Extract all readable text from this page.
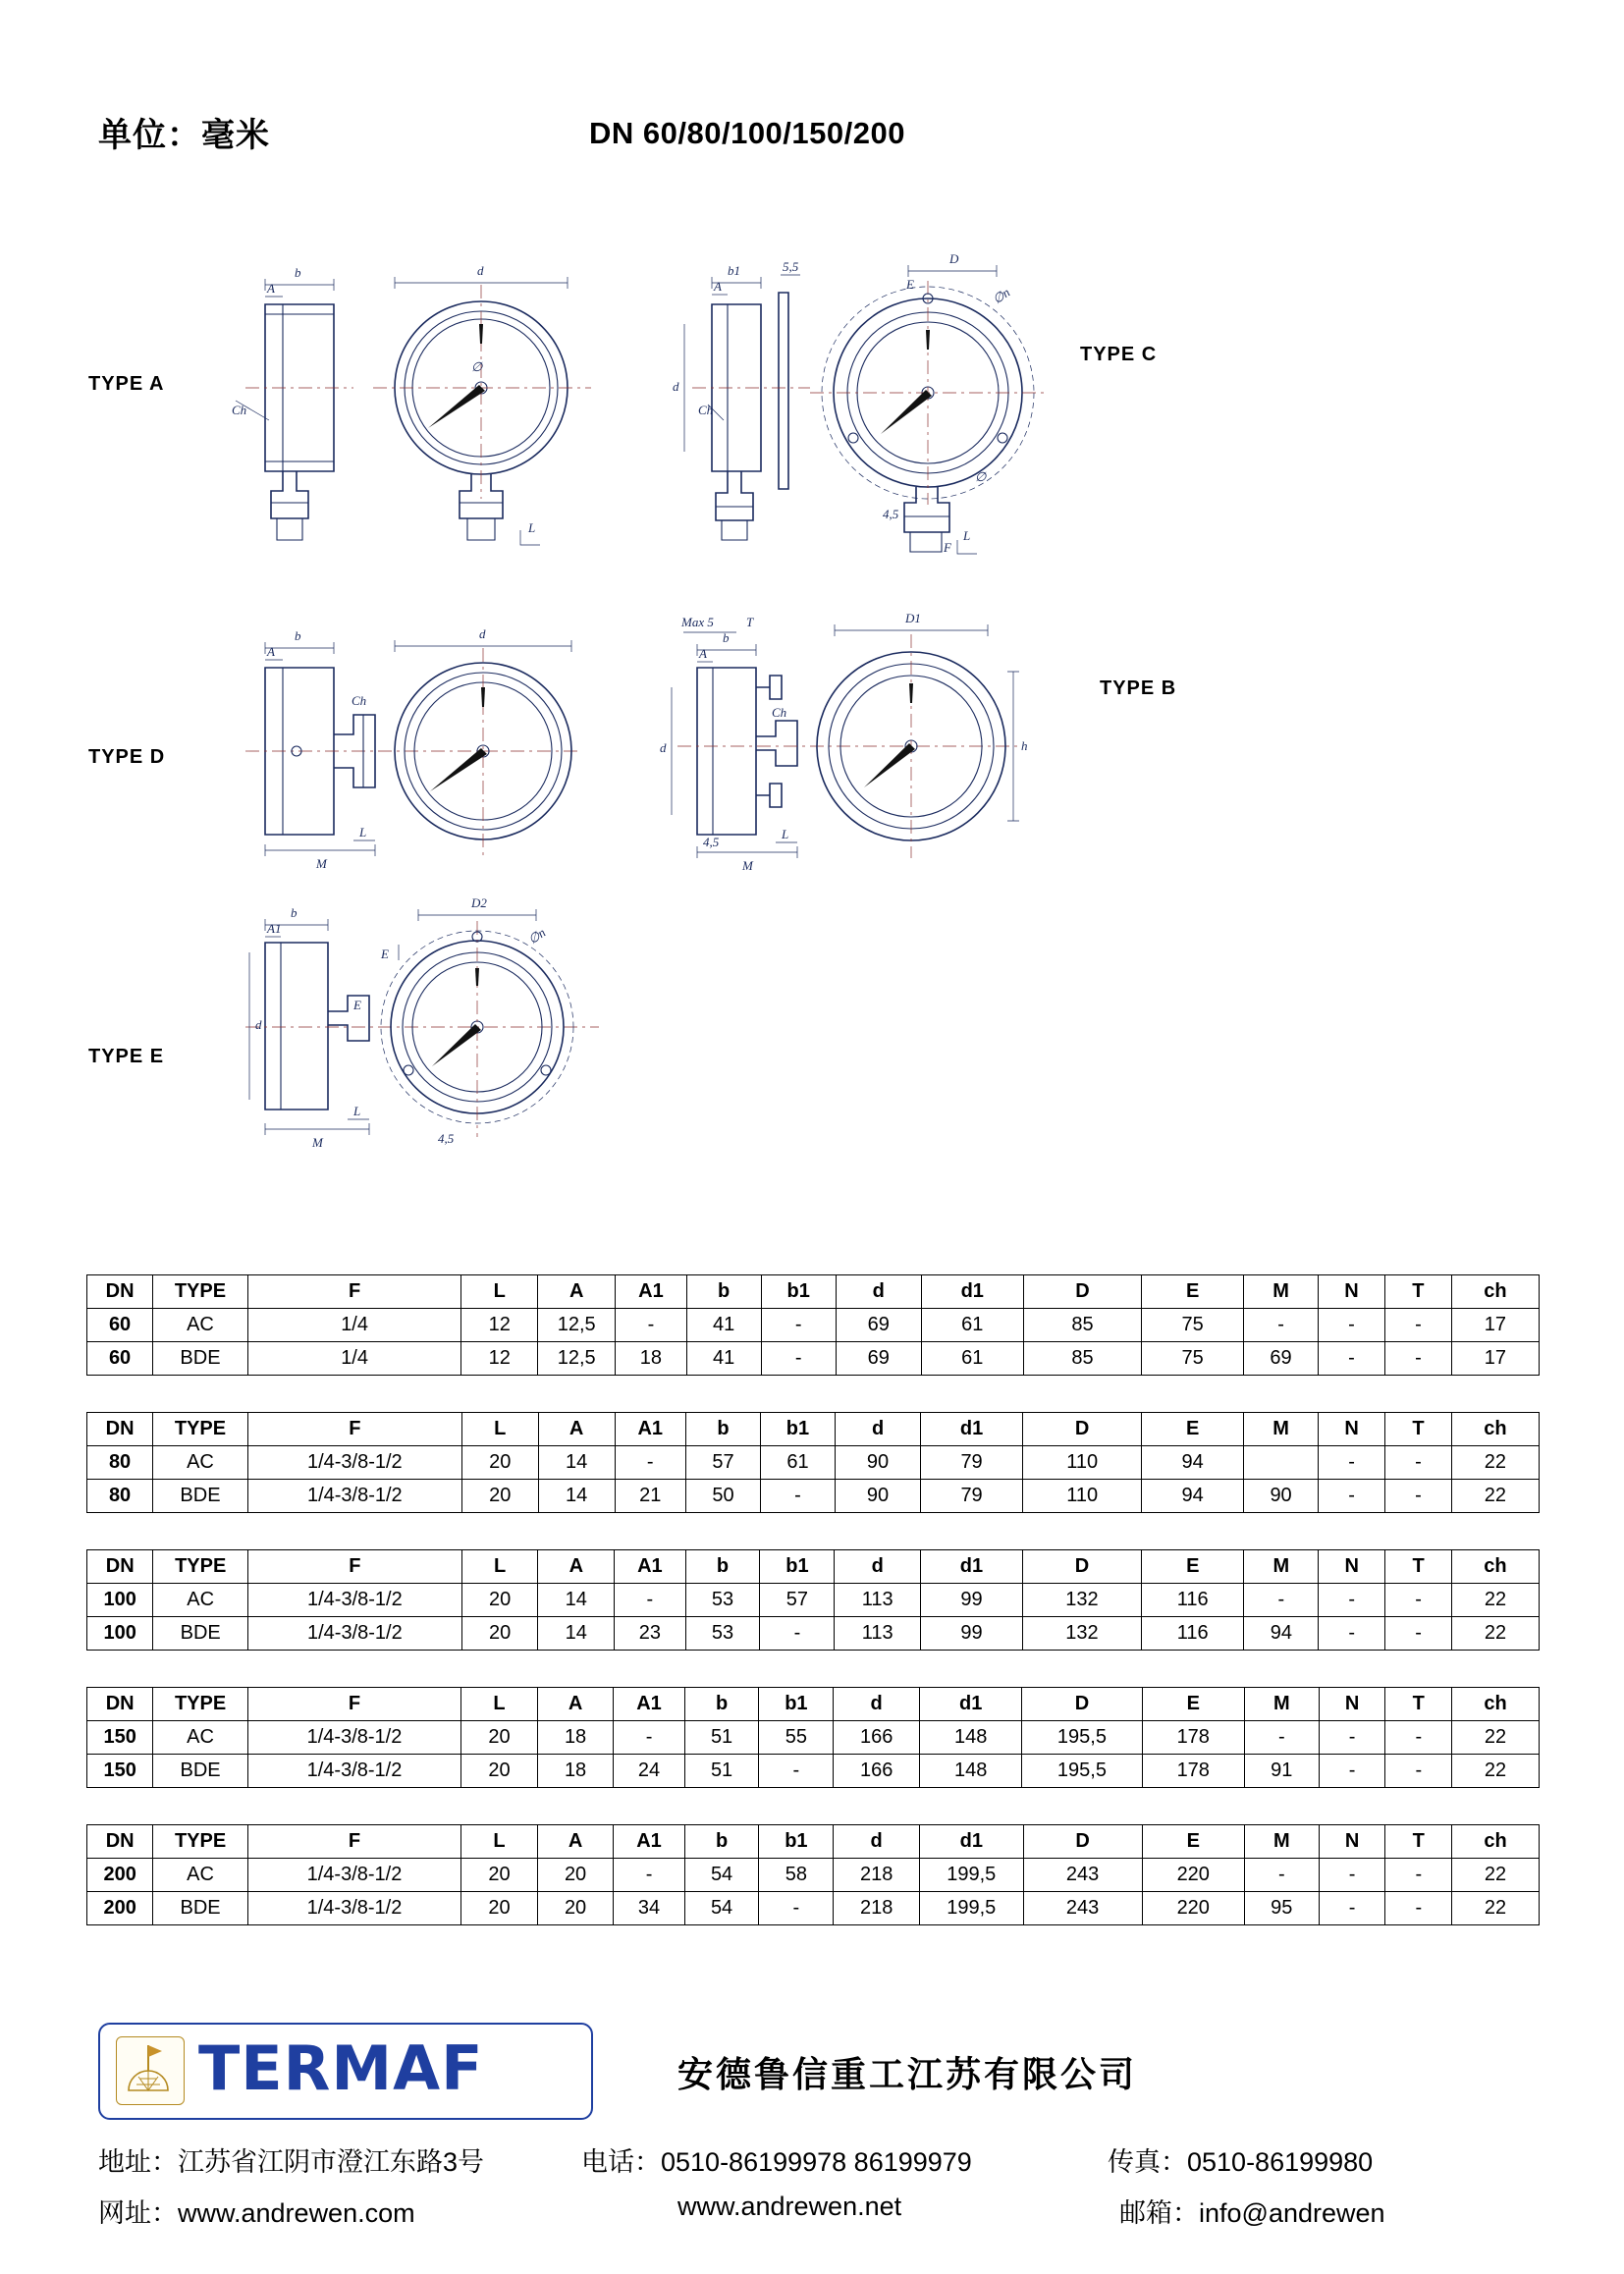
单位：毫米	DN 60/80/100/150/200
TYPE A
TYPE C
TYPE D
TYPE B
TYPE E
Ch
b
A
d
L
∅
b1
A
5,5
d
Ch
D
E
∅n
∅
4,5
L
F
b
A
Ch
M
L
d	b
A
Max 5	T
Ch
d
M
L
4,5
D1
h
b
A1
d
M
L
E
D2
∅n
4,5
E
DN	TYPE	F	L	A	A1	b	b1	d	d1	D	E	M	N	T	ch
60	AC	1/4	12	12,5	-	41	-	69	61	85	75	-	-	-	17
60	BDE	1/4	12	12,5	18	41	-	69	61	85	75	69	-	-	17
DN	TYPE	F	L	A	A1	b	b1	d	d1	D	E	M	N	T	ch
80	AC	1/4-3/8-1/2	20	14	-	57	61	90	79	110	94		-	-	22
80	BDE	1/4-3/8-1/2	20	14	21	50	-	90	79	110	94	90	-	-	22
DN	TYPE	F	L	A	A1	b	b1	d	d1	D	E	M	N	T	ch
100	AC	1/4-3/8-1/2	20	14	-	53	57	113	99	132	116	-	-	-	22
100	BDE	1/4-3/8-1/2	20	14	23	53	-	113	99	132	116	94	-	-	22
DN	TYPE	F	L	A	A1	b	b1	d	d1	D	E	M	N	T	ch
150	AC	1/4-3/8-1/2	20	18	-	51	55	166	148	195,5	178	-	-	-	22
150	BDE	1/4-3/8-1/2	20	18	24	51	-	166	148	195,5	178	91	-	-	22
DN	TYPE	F	L	A	A1	b	b1	d	d1	D	E	M	N	T	ch
200	AC	1/4-3/8-1/2	20	20	-	54	58	218	199,5	243	220	-	-	-	22
200	BDE	1/4-3/8-1/2	20	20	34	54	-	218	199,5	243	220	95	-	-	22
TERMAF	安德鲁信重工江苏有限公司
地址：江苏省江阴市澄江东路3号	电话：0510-86199978 86199979	传真：0510-86199980
网址：www.andrewen.com	www.andrewen.net	邮箱：info@andrewen
